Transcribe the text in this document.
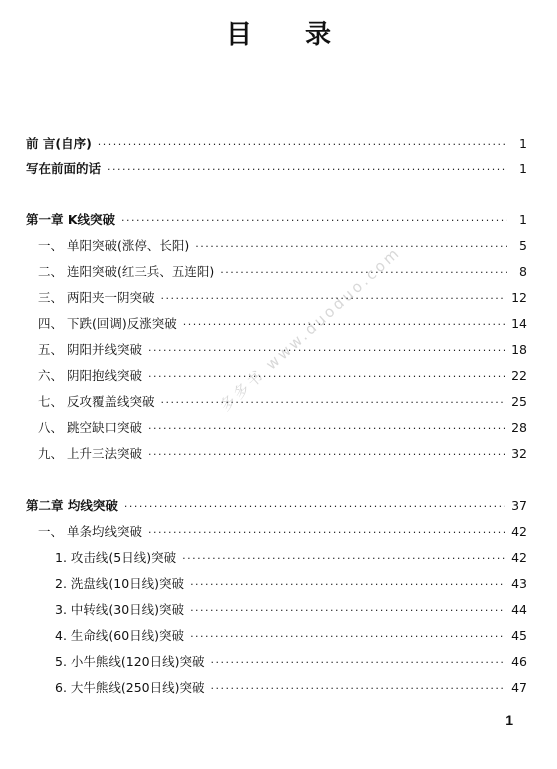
目 录
多多书 www.duoduo.com
前 言(自序) ·····	1
写在前面的话 ·····	1
第一章 K线突破 ·····	1
一、 单阳突破(涨停、长阳) ·····	5
二、 连阳突破(红三兵、五连阳) ·····	8
三、 两阳夹一阴突破 ·····	12
四、 下跌(回调)反涨突破 ·····	14
五、 阴阳并线突破 ·····	18
六、 阴阳抱线突破 ·····	22
七、 反攻覆盖线突破 ·····	25
八、 跳空缺口突破 ·····	28
九、 上升三法突破 ·····	32
第二章 均线突破 ·····	37
一、 单条均线突破 ·····	42
1. 攻击线(5日线)突破 ·····	42
2. 洗盘线(10日线)突破 ·····	43
3. 中转线(30日线)突破 ·····	44
4. 生命线(60日线)突破 ·····	45
5. 小牛熊线(120日线)突破 ·····	46
6. 大牛熊线(250日线)突破 ·····	47
1
